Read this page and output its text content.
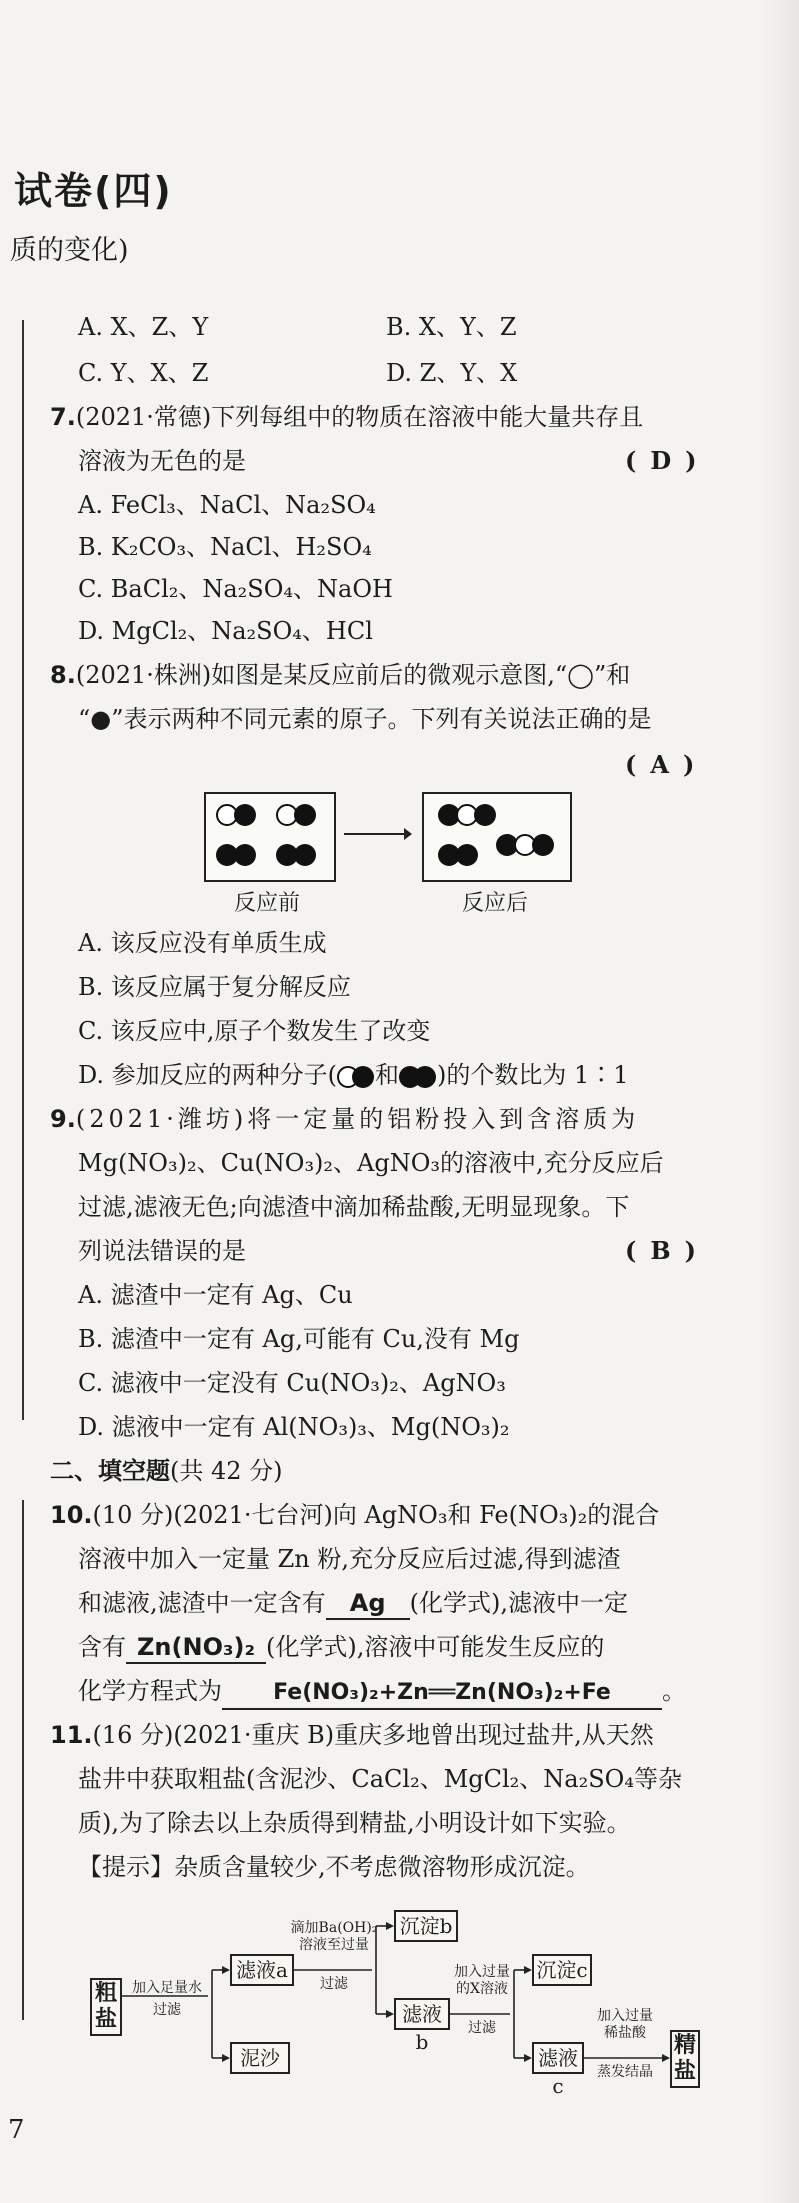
试卷(四)
质的变化)
A. X、Z、Y	B. X、Y、Z
C. Y、X、Z	D. Z、Y、X
7.(2021·常德)下列每组中的物质在溶液中能大量共存且
溶液为无色的是	( D )
A. FeCl₃、NaCl、Na₂SO₄
B. K₂CO₃、NaCl、H₂SO₄
C. BaCl₂、Na₂SO₄、NaOH
D. MgCl₂、Na₂SO₄、HCl
8.(2021·株洲)如图是某反应前后的微观示意图,“◯”和
“●”表示两种不同元素的原子。下列有关说法正确的是
( A )
反应前	反应后
A. 该反应没有单质生成
B. 该反应属于复分解反应
C. 该反应中,原子个数发生了改变
D. 参加反应的两种分子( 和 )的个数比为 1∶1
9.(2021·潍坊)将一定量的铝粉投入到含溶质为
Mg(NO₃)₂、Cu(NO₃)₂、AgNO₃的溶液中,充分反应后
过滤,滤液无色;向滤渣中滴加稀盐酸,无明显现象。下
列说法错误的是	( B )
A. 滤渣中一定有 Ag、Cu
B. 滤渣中一定有 Ag,可能有 Cu,没有 Mg
C. 滤液中一定没有 Cu(NO₃)₂、AgNO₃
D. 滤液中一定有 Al(NO₃)₃、Mg(NO₃)₂
二、填空题(共 42 分)
10.(10 分)(2021·七台河)向 AgNO₃和 Fe(NO₃)₂的混合
溶液中加入一定量 Zn 粉,充分反应后过滤,得到滤渣
和滤液,滤渣中一定含有 Ag (化学式),滤液中一定
含有 Zn(NO₃)₂ (化学式),溶液中可能发生反应的
化学方程式为 Fe(NO₃)₂+Zn══Zn(NO₃)₂+Fe 。
11.(16 分)(2021·重庆 B)重庆多地曾出现过盐井,从天然
盐井中获取粗盐(含泥沙、CaCl₂、MgCl₂、Na₂SO₄等杂
质),为了除去以上杂质得到精盐,小明设计如下实验。
【提示】杂质含量较少,不考虑微溶物形成沉淀。
粗盐
加入足量水
过滤
滤液a
泥沙
滴加Ba(OH)₂
溶液至过量
过滤
沉淀b
滤液b
加入过量
的X溶液
过滤
沉淀c
滤液c
加入过量
稀盐酸
蒸发结晶
精盐
7
